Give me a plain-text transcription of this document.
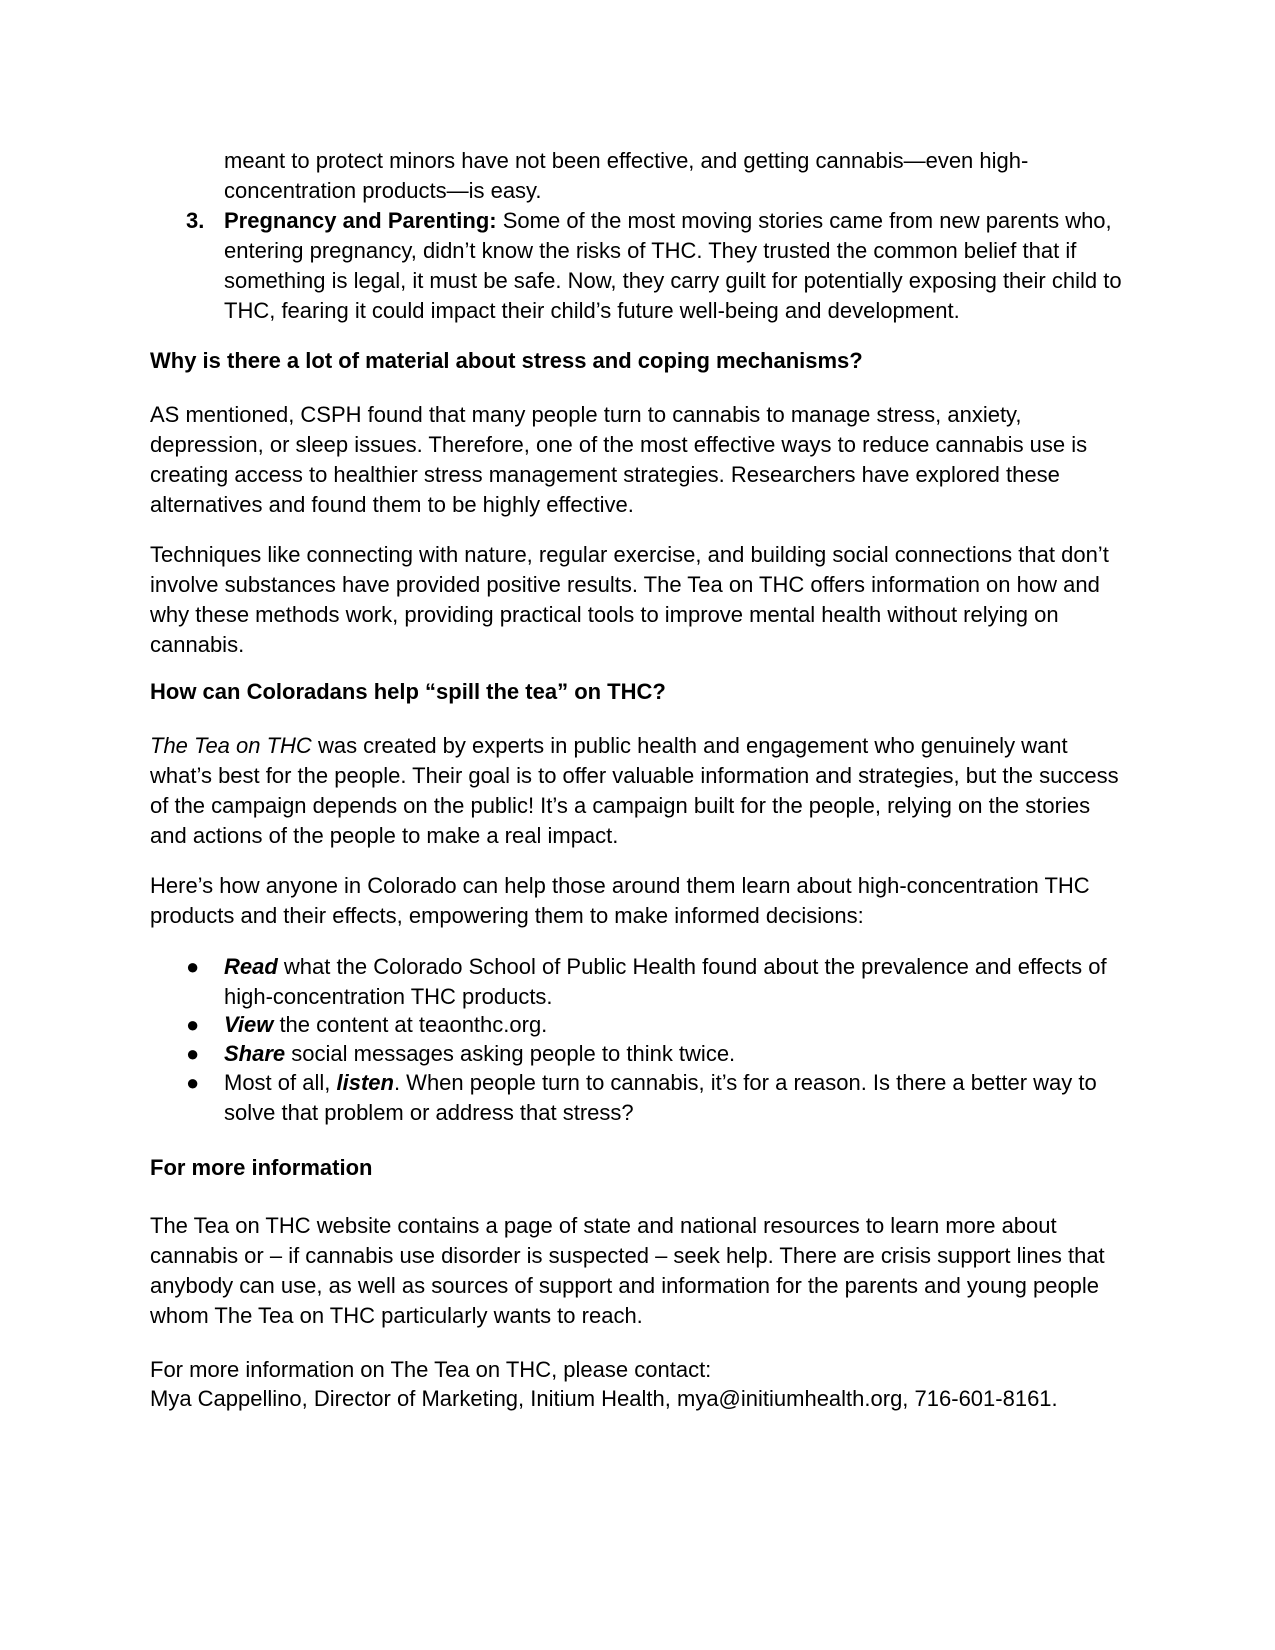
meant to protect minors have not been effective, and getting cannabis—even high-concentration products—is easy.

3. Pregnancy and Parenting: Some of the most moving stories came from new parents who, entering pregnancy, didn’t know the risks of THC. They trusted the common belief that if something is legal, it must be safe. Now, they carry guilt for potentially exposing their child to THC, fearing it could impact their child’s future well-being and development.
Why is there a lot of material about stress and coping mechanisms?

AS mentioned, CSPH found that many people turn to cannabis to manage stress, anxiety, depression, or sleep issues. Therefore, one of the most effective ways to reduce cannabis use is creating access to healthier stress management strategies. Researchers have explored these alternatives and found them to be highly effective.

Techniques like connecting with nature, regular exercise, and building social connections that don’t involve substances have provided positive results. The Tea on THC offers information on how and why these methods work, providing practical tools to improve mental health without relying on cannabis.

How can Coloradans help “spill the tea” on THC?

The Tea on THC was created by experts in public health and engagement who genuinely want what’s best for the people. Their goal is to offer valuable information and strategies, but the success of the campaign depends on the public! It’s a campaign built for the people, relying on the stories and actions of the people to make a real impact.

Here’s how anyone in Colorado can help those around them learn about high-concentration THC products and their effects, empowering them to make informed decisions:

●	Read what the Colorado School of Public Health found about the prevalence and effects of high-concentration THC products.
●	View the content at teaonthc.org.
●	Share social messages asking people to think twice.
●	Most of all, listen. When people turn to cannabis, it’s for a reason. Is there a better way to solve that problem or address that stress?
For more information

The Tea on THC website contains a page of state and national resources to learn more about cannabis or – if cannabis use disorder is suspected – seek help. There are crisis support lines that anybody can use, as well as sources of support and information for the parents and young people whom The Tea on THC particularly wants to reach.

For more information on The Tea on THC, please contact:

Mya Cappellino, Director of Marketing, Initium Health, mya@initiumhealth.org, 716-601-8161.
